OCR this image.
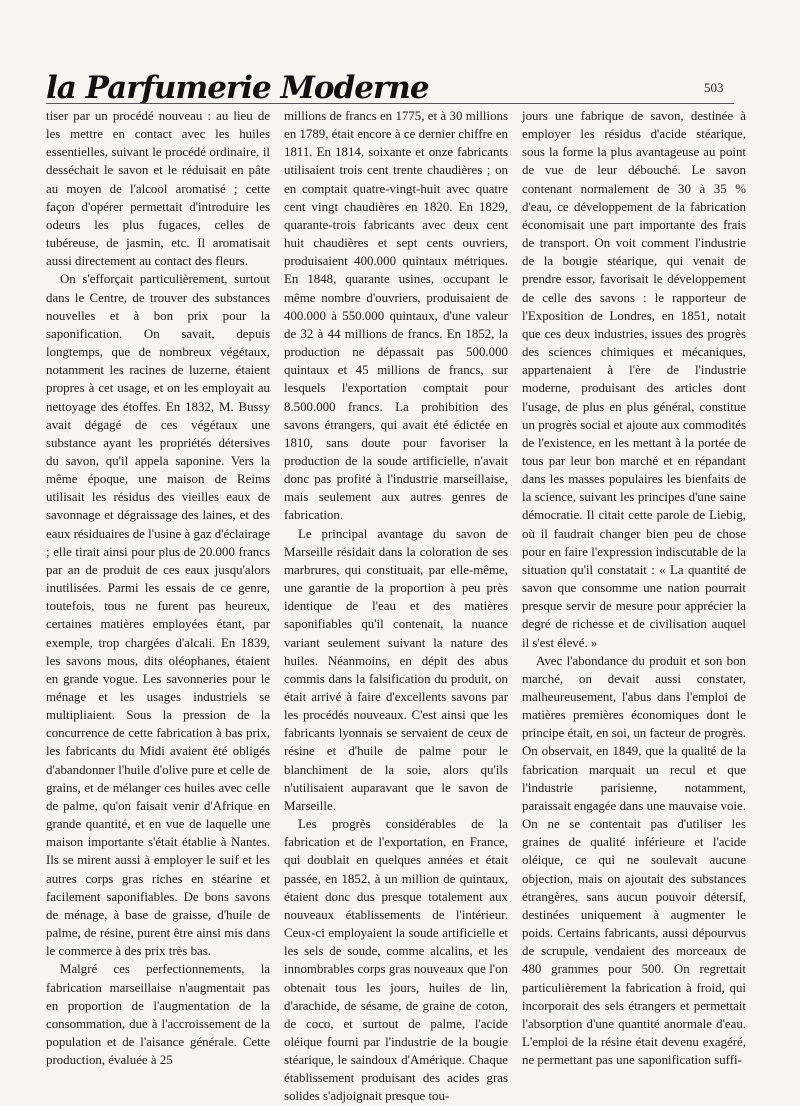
la Parfumerie Moderne	503

tiser par un procédé nouveau : au lieu de les mettre en contact avec les huiles essentielles, suivant le procédé ordinaire, il desséchait le savon et le réduisait en pâte au moyen de l'alcool aromatisé ; cette façon d'opérer permettait d'introduire les odeurs les plus fugaces, celles de tubéreuse, de jasmin, etc. Il aromatisait aussi directement au contact des fleurs.

On s'efforçait particulièrement, surtout dans le Centre, de trouver des substances nouvelles et à bon prix pour la saponification. On savait, depuis longtemps, que de nombreux végétaux, notamment les racines de luzerne, étaient propres à cet usage, et on les employait au nettoyage des étoffes. En 1832, M. Bussy avait dégagé de ces végétaux une substance ayant les propriétés détersives du savon, qu'il appela saponine. Vers la même époque, une maison de Reims utilisait les résidus des vieilles eaux de savonnage et dégraissage des laines, et des eaux résiduaires de l'usine à gaz d'éclairage ; elle tirait ainsi pour plus de 20.000 francs par an de produit de ces eaux jusqu'alors inutilisées. Parmi les essais de ce genre, toutefois, tous ne furent pas heureux, certaines matières employées étant, par exemple, trop chargées d'alcali. En 1839, les savons mous, dits oléophanes, étaient en grande vogue. Les savonneries pour le ménage et les usages industriels se multipliaient. Sous la pression de la concurrence de cette fabrication à bas prix, les fabricants du Midi avaient été obligés d'abandonner l'huile d'olive pure et celle de grains, et de mélanger ces huiles avec celle de palme, qu'on faisait venir d'Afrique en grande quantité, et en vue de laquelle une maison importante s'était établie à Nantes. Ils se mirent aussi à employer le suif et les autres corps gras riches en stéarine et facilement saponifiables. De bons savons de ménage, à base de graisse, d'huile de palme, de résine, purent être ainsi mis dans le commerce à des prix très bas.

Malgré ces perfectionnements, la fabrication marseillaise n'augmentait pas en proportion de l'augmentation de la consommation, due à l'accroissement de la population et de l'aisance générale. Cette production, évaluée à 25

millions de francs en 1775, et à 30 millions en 1789, était encore à ce dernier chiffre en 1811. En 1814, soixante et onze fabricants utilisaient trois cent trente chaudières ; on en comptait quatre-vingt-huit avec quatre cent vingt chaudières en 1820. En 1829, quarante-trois fabricants avec deux cent huit chaudières et sept cents ouvriers, produisaient 400.000 quintaux métriques. En 1848, quarante usines, occupant le même nombre d'ouvriers, produisaient de 400.000 à 550.000 quintaux, d'une valeur de 32 à 44 millions de francs. En 1852, la production ne dépassait pas 500.000 quintaux et 45 millions de francs, sur lesquels l'exportation comptait pour 8.500.000 francs. La prohibition des savons étrangers, qui avait été édictée en 1810, sans doute pour favoriser la production de la soude artificielle, n'avait donc pas profité à l'industrie marseillaise, mais seulement aux autres genres de fabrication.

Le principal avantage du savon de Marseille résidait dans la coloration de ses marbrures, qui constituait, par elle-même, une garantie de la proportion à peu près identique de l'eau et des matières saponifiables qu'il contenait, la nuance variant seulement suivant la nature des huiles. Néanmoins, en dépit des abus commis dans la falsification du produit, on était arrivé à faire d'excellents savons par les procédés nouveaux. C'est ainsi que les fabricants lyonnais se servaient de ceux de résine et d'huile de palme pour le blanchiment de la soie, alors qu'ils n'utilisaient auparavant que le savon de Marseille.

Les progrès considérables de la fabrication et de l'exportation, en France, qui doublait en quelques années et était passée, en 1852, à un million de quintaux, étaient donc dus presque totalement aux nouveaux établissements de l'intérieur. Ceux-ci employaient la soude artificielle et les sels de soude, comme alcalins, et les innombrables corps gras nouveaux que l'on obtenait tous les jours, huiles de lin, d'arachide, de sésame, de graine de coton, de coco, et surtout de palme, l'acide oléique fourni par l'industrie de la bougie stéarique, le saindoux d'Amérique. Chaque établissement produisant des acides gras solides s'adjoignait presque tou-

jours une fabrique de savon, destinée à employer les résidus d'acide stéarique, sous la forme la plus avantageuse au point de vue de leur débouché. Le savon contenant normalement de 30 à 35 % d'eau, ce développement de la fabrication économisait une part importante des frais de transport. On voit comment l'industrie de la bougie stéarique, qui venait de prendre essor, favorisait le développement de celle des savons : le rapporteur de l'Exposition de Londres, en 1851, notait que ces deux industries, issues des progrès des sciences chimiques et mécaniques, appartenaient à l'ère de l'industrie moderne, produisant des articles dont l'usage, de plus en plus général, constitue un progrès social et ajoute aux commodités de l'existence, en les mettant à la portée de tous par leur bon marché et en répandant dans les masses populaires les bienfaits de la science, suivant les principes d'une saine démocratie. Il citait cette parole de Liebig, où il faudrait changer bien peu de chose pour en faire l'expression indiscutable de la situation qu'il constatait : « La quantité de savon que consomme une nation pourrait presque servir de mesure pour apprécier la degré de richesse et de civilisation auquel il s'est élevé. »

Avec l'abondance du produit et son bon marché, on devait aussi constater, malheureusement, l'abus dans l'emploi de matières premières économiques dont le principe était, en soi, un facteur de progrès. On observait, en 1849, que la qualité de la fabrication marquait un recul et que l'industrie parisienne, notamment, paraissait engagée dans une mauvaise voie. On ne se contentait pas d'utiliser les graines de qualité inférieure et l'acide oléique, ce qui ne soulevait aucune objection, mais on ajoutait des substances étrangères, sans aucun pouvoir détersif, destinées uniquement à augmenter le poids. Certains fabricants, aussi dépourvus de scrupule, vendaient des morceaux de 480 grammes pour 500. On regrettait particulièrement la fabrication à froid, qui incorporait des sels étrangers et permettait l'absorption d'une quantité anormale d'eau. L'emploi de la résine était devenu exagéré, ne permettant pas une saponification suffi-
